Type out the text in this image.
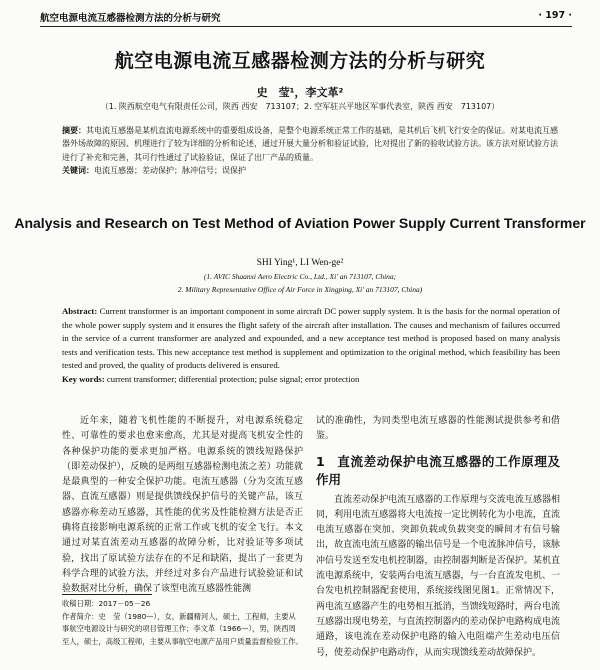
航空电源电流互感器检测方法的分析与研究	· 197 ·
航空电源电流互感器检测方法的分析与研究
史　莹¹，李文革²
（1. 陕西航空电气有限责任公司，陕西 西安　713107；2. 空军驻兴平地区军事代表室，陕西 西安　713107）
摘要：其电流互感器是某机直流电源系统中的重要组成设备，是整个电源系统正常工作的基础，是其机后飞机飞行安全的保证。对某电流互感器外场故障的原因、机理进行了较为详细的分析和论述，通过开展大量分析和验证试验，比对提出了新的验收试验方法。该方法对原试验方法进行了补充和完善，其可行性通过了试验验证，保证了出厂产品的质量。
关键词：电流互感器；差动保护；脉冲信号；误保护
Analysis and Research on Test Method of Aviation Power Supply Current Transformer
SHI Ying¹, LI Wen-ge²
(1. AVIC Shaanxi Aero Electric Co., Ltd., Xi' an 713107, China;
2. Military Representative Office of Air Force in Xingping, Xi' an 713107, China)
Abstract: Current transformer is an important component in some aircraft DC power supply system. It is the basis for the normal operation of the whole power supply system and it ensures the flight safety of the aircraft after installation. The causes and mechanism of failures occurred in the service of a current transformer are analyzed and expounded, and a new acceptance test method is proposed based on many analysis tests and verification tests. This new acceptance test method is supplement and optimization to the original method, which feasibility has been tested and proved, the quality of products delivered is ensured.
Key words: current transformer; differential protection; pulse signal; error protection

近年来，随着飞机性能的不断提升，对电源系统稳定性、可靠性的要求也愈来愈高，尤其是对提高飞机安全性的各种保护功能的要求更加严格。电源系统的馈线短路保护（即差动保护），反映的是两组互感器检测电流之差）功能就是最典型的一种安全保护功能。电流互感器（分为交流互感器、直流互感器）则是提供馈线保护信号的关键产品，该互感器亦称差动互感器，其性能的优劣及性能检测方法是否正确将直接影响电源系统的正常工作或飞机的安全飞行。本文通过对某直流差动互感器的故障分析，比对验证等多项试验，找出了原试验方法存在的不足和缺陷，提出了一套更为科学合理的试验方法，并经过对多台产品进行试验验证和试验数据对比分析，确保了该型电流互感器性能测

试的准确性，为同类型电流互感器的性能测试提供参考和借鉴。

1 直流差动保护电流互感器的工作原理及作用

直流差动保护电流互感器的工作原理与交流电流互感器相同，利用电流互感器将大电流按一定比例转化为小电流，直流电流互感器在突加、突卸负载或负载突变的瞬间才有信号输出，故直流电流互感器的输出信号是一个电流脉冲信号，该脉冲信号发送至发电机控制器，由控制器判断是否保护。某机直流电源系统中，安装两台电流互感器，与一台直流发电机、一台发电机控制器配套使用，系统接线图见图1。正常情况下，两电流互感器产生的电势相互抵消，当馈线短路时，两台电流互感器出现电势差，与直流控制器内的差动保护电路构成电流通路，该电流在差动保护电路的输入电阻端产生差动电压信号，使差动保护电路动作，从而实现馈线差动故障保护。

收稿日期：2017－05－26

作者简介：史　莹（1980—），女，新疆精河人，硕士，工程师，主要从事航空电源设计与研究的项目管理工作；李文革（1966—），男，陕西周至人，硕士，高级工程师，主要从事航空电源产品用户质量监督检验工作。
